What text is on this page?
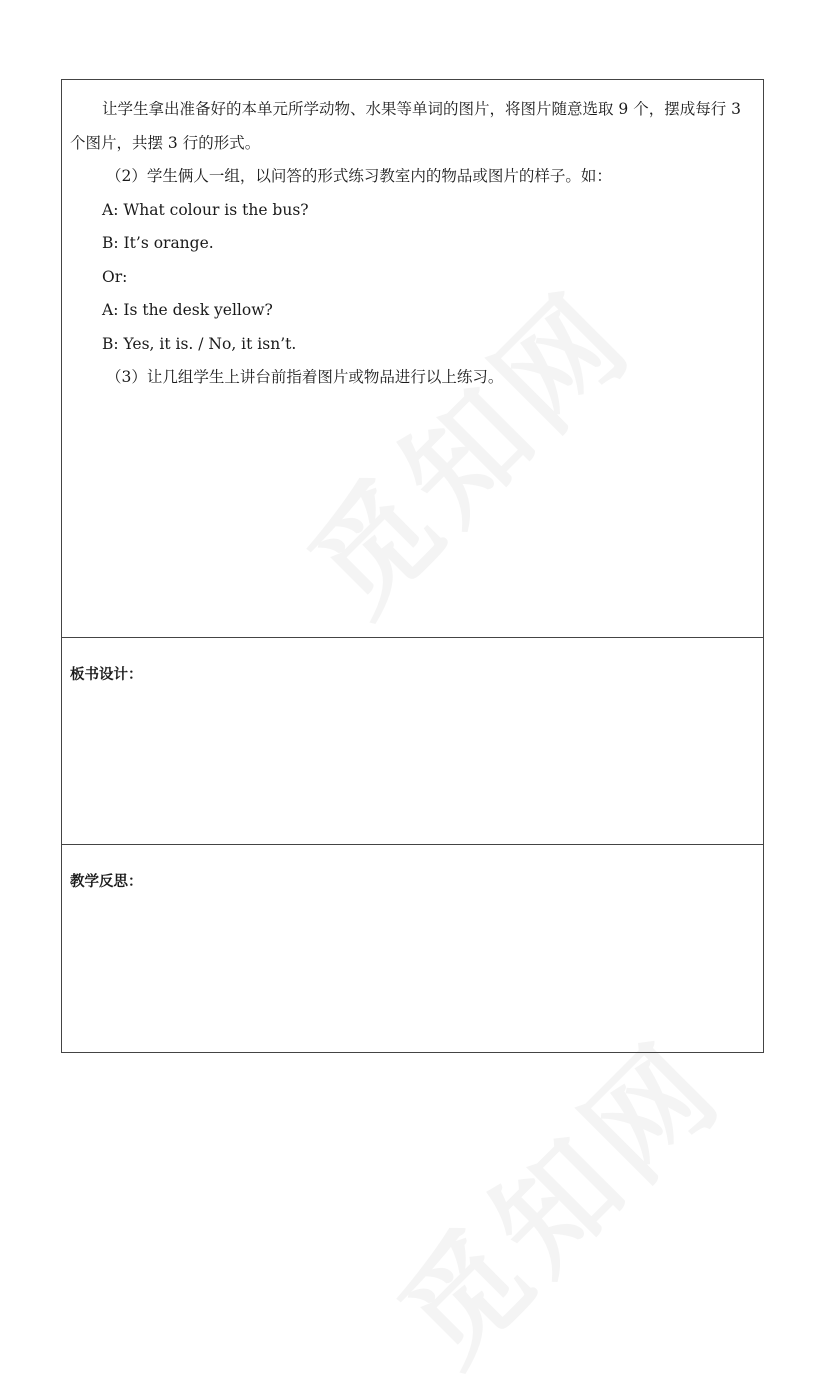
让学生拿出准备好的本单元所学动物、水果等单词的图片，将图片随意选取 9 个，摆成每行 3 个图片，共摆 3 行的形式。

（2）学生俩人一组，以问答的形式练习教室内的物品或图片的样子。如：

A: What colour is the bus?

B: It’s orange.

Or:

A: Is the desk yellow?

B: Yes, it is. / No, it isn’t.

（3）让几组学生上讲台前指着图片或物品进行以上练习。

板书设计：

教学反思：
